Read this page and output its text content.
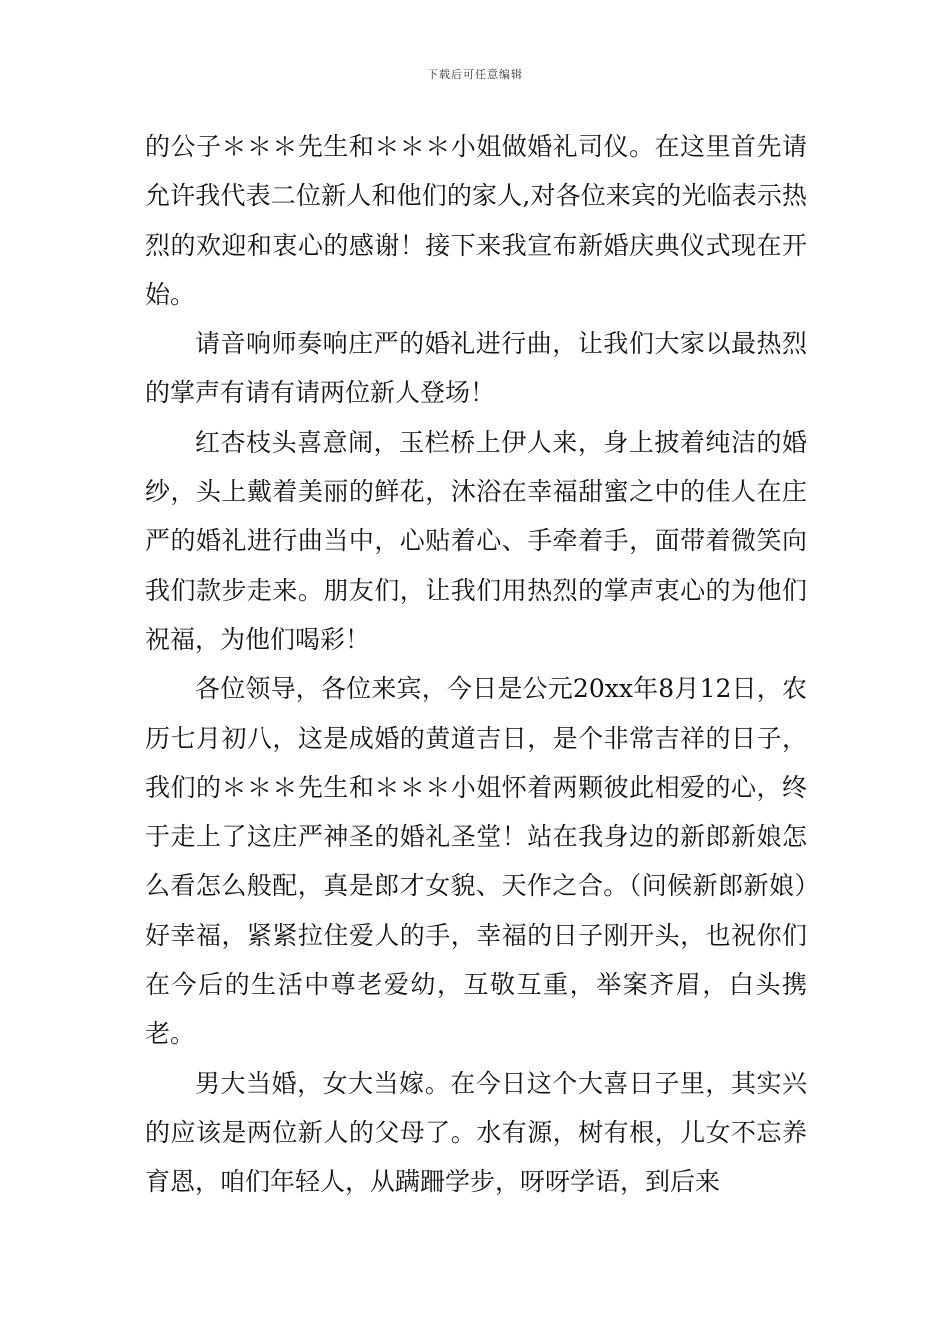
下载后可任意编辑

的公子＊＊＊先生和＊＊＊小姐做婚礼司仪。在这里首先请允许我代表二位新人和他们的家人,对各位来宾的光临表示热烈的欢迎和衷心的感谢！接下来我宣布新婚庆典仪式现在开始。

请音响师奏响庄严的婚礼进行曲，让我们大家以最热烈的掌声有请有请两位新人登场！

红杏枝头喜意闹，玉栏桥上伊人来，身上披着纯洁的婚纱，头上戴着美丽的鲜花，沐浴在幸福甜蜜之中的佳人在庄严的婚礼进行曲当中，心贴着心、手牵着手，面带着微笑向我们款步走来。朋友们，让我们用热烈的掌声衷心的为他们祝福，为他们喝彩！

各位领导，各位来宾，今日是公元20xx年8月12日，农历七月初八，这是成婚的黄道吉日，是个非常吉祥的日子，我们的＊＊＊先生和＊＊＊小姐怀着两颗彼此相爱的心，终于走上了这庄严神圣的婚礼圣堂！站在我身边的新郎新娘怎么看怎么般配，真是郎才女貌、天作之合。（问候新郎新娘）好幸福，紧紧拉住爱人的手，幸福的日子刚开头，也祝你们在今后的生活中尊老爱幼，互敬互重，举案齐眉，白头携老。

男大当婚，女大当嫁。在今日这个大喜日子里，其实兴的应该是两位新人的父母了。水有源，树有根，儿女不忘养育恩，咱们年轻人，从蹒跚学步，呀呀学语，到后来
